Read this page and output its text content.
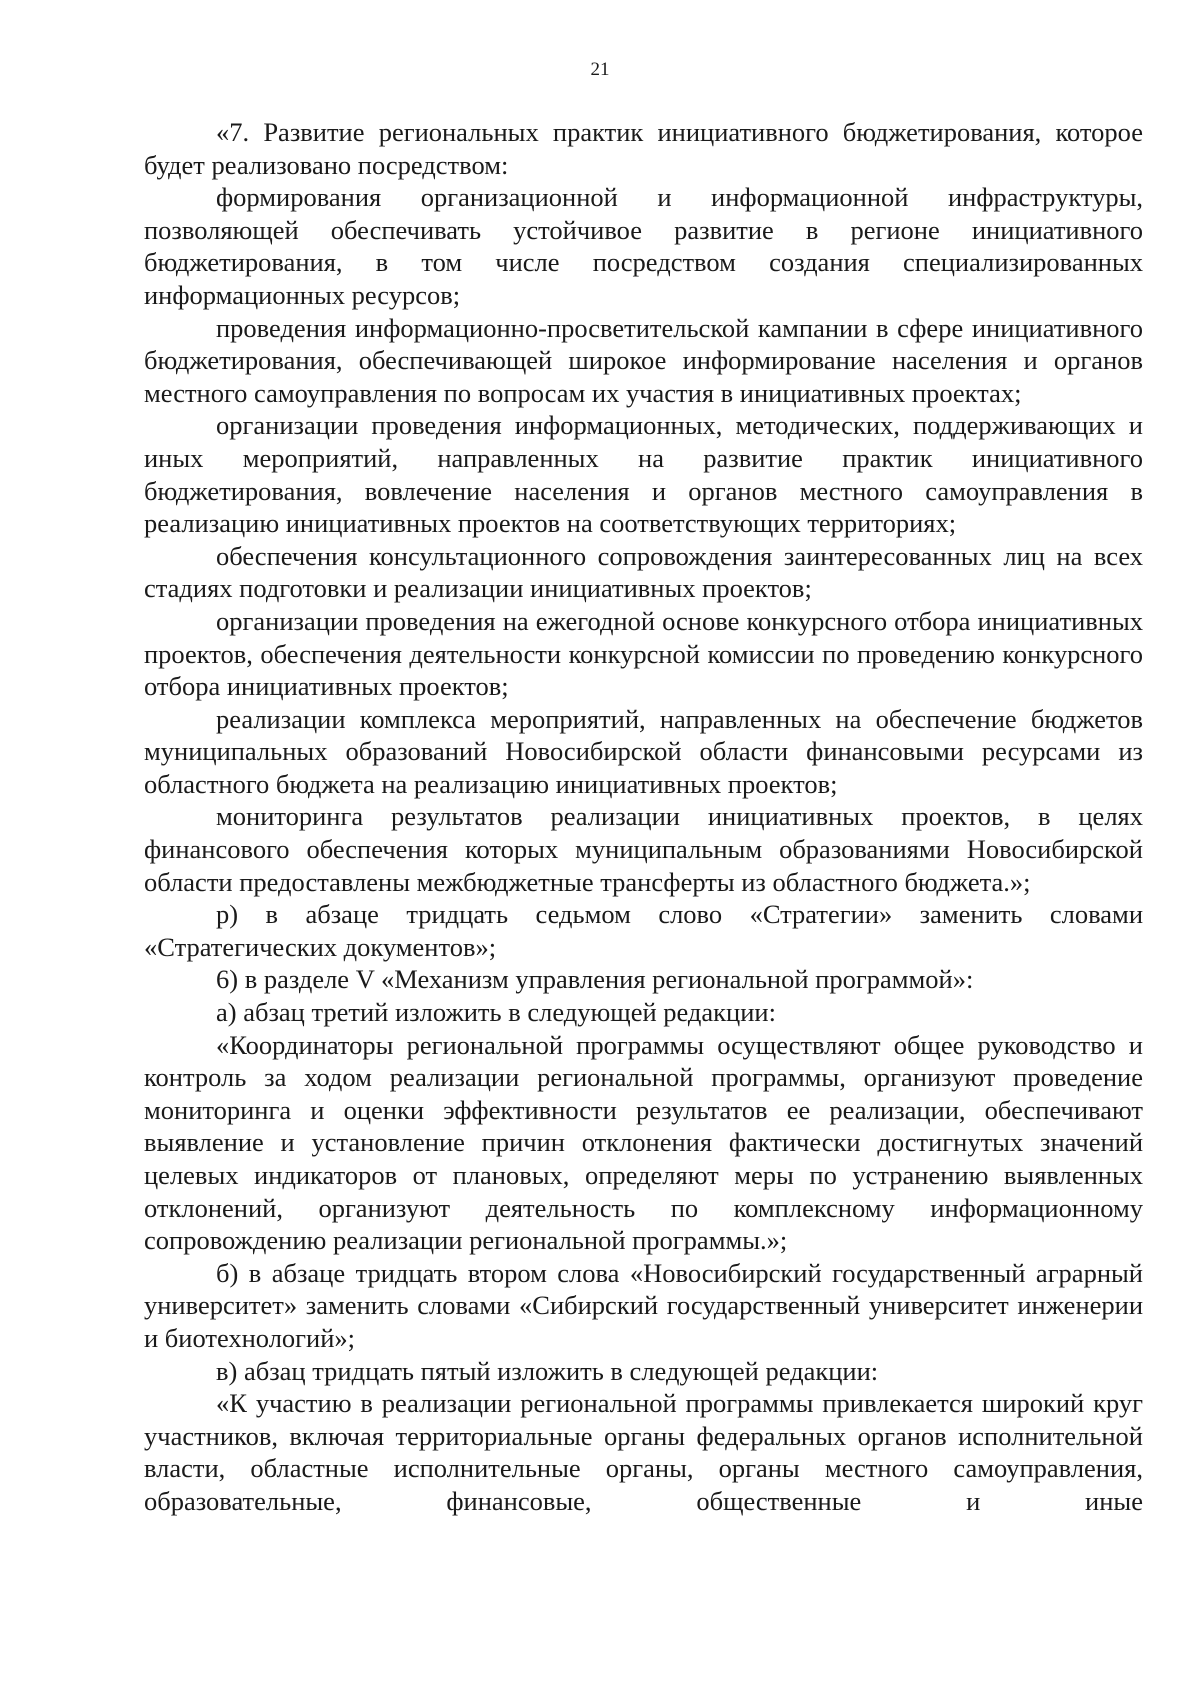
21

«7. Развитие региональных практик инициативного бюджетирования, которое будет реализовано посредством:

формирования организационной и информационной инфраструктуры, позволяющей обеспечивать устойчивое развитие в регионе инициативного бюджетирования, в том числе посредством создания специализированных информационных ресурсов;

проведения информационно-просветительской кампании в сфере инициативного бюджетирования, обеспечивающей широкое информирование населения и органов местного самоуправления по вопросам их участия в инициативных проектах;

организации проведения информационных, методических, поддерживающих и иных мероприятий, направленных на развитие практик инициативного бюджетирования, вовлечение населения и органов местного самоуправления в реализацию инициативных проектов на соответствующих территориях;

обеспечения консультационного сопровождения заинтересованных лиц на всех стадиях подготовки и реализации инициативных проектов;

организации проведения на ежегодной основе конкурсного отбора инициативных проектов, обеспечения деятельности конкурсной комиссии по проведению конкурсного отбора инициативных проектов;

реализации комплекса мероприятий, направленных на обеспечение бюджетов муниципальных образований Новосибирской области финансовыми ресурсами из областного бюджета на реализацию инициативных проектов;

мониторинга результатов реализации инициативных проектов, в целях финансового обеспечения которых муниципальным образованиями Новосибирской области предоставлены межбюджетные трансферты из областного бюджета.»;

р) в абзаце тридцать седьмом слово «Стратегии» заменить словами «Стратегических документов»;

6) в разделе V «Механизм управления региональной программой»:

а) абзац третий изложить в следующей редакции:

«Координаторы региональной программы осуществляют общее руководство и контроль за ходом реализации региональной программы, организуют проведение мониторинга и оценки эффективности результатов ее реализации, обеспечивают выявление и установление причин отклонения фактически достигнутых значений целевых индикаторов от плановых, определяют меры по устранению выявленных отклонений, организуют деятельность по комплексному информационному сопровождению реализации региональной программы.»;

б) в абзаце тридцать втором слова «Новосибирский государственный аграрный университет» заменить словами «Сибирский государственный университет инженерии и биотехнологий»;

в) абзац тридцать пятый изложить в следующей редакции:

«К участию в реализации региональной программы привлекается широкий круг участников, включая территориальные органы федеральных органов исполнительной власти, областные исполнительные органы, органы местного самоуправления, образовательные, финансовые, общественные и иные
